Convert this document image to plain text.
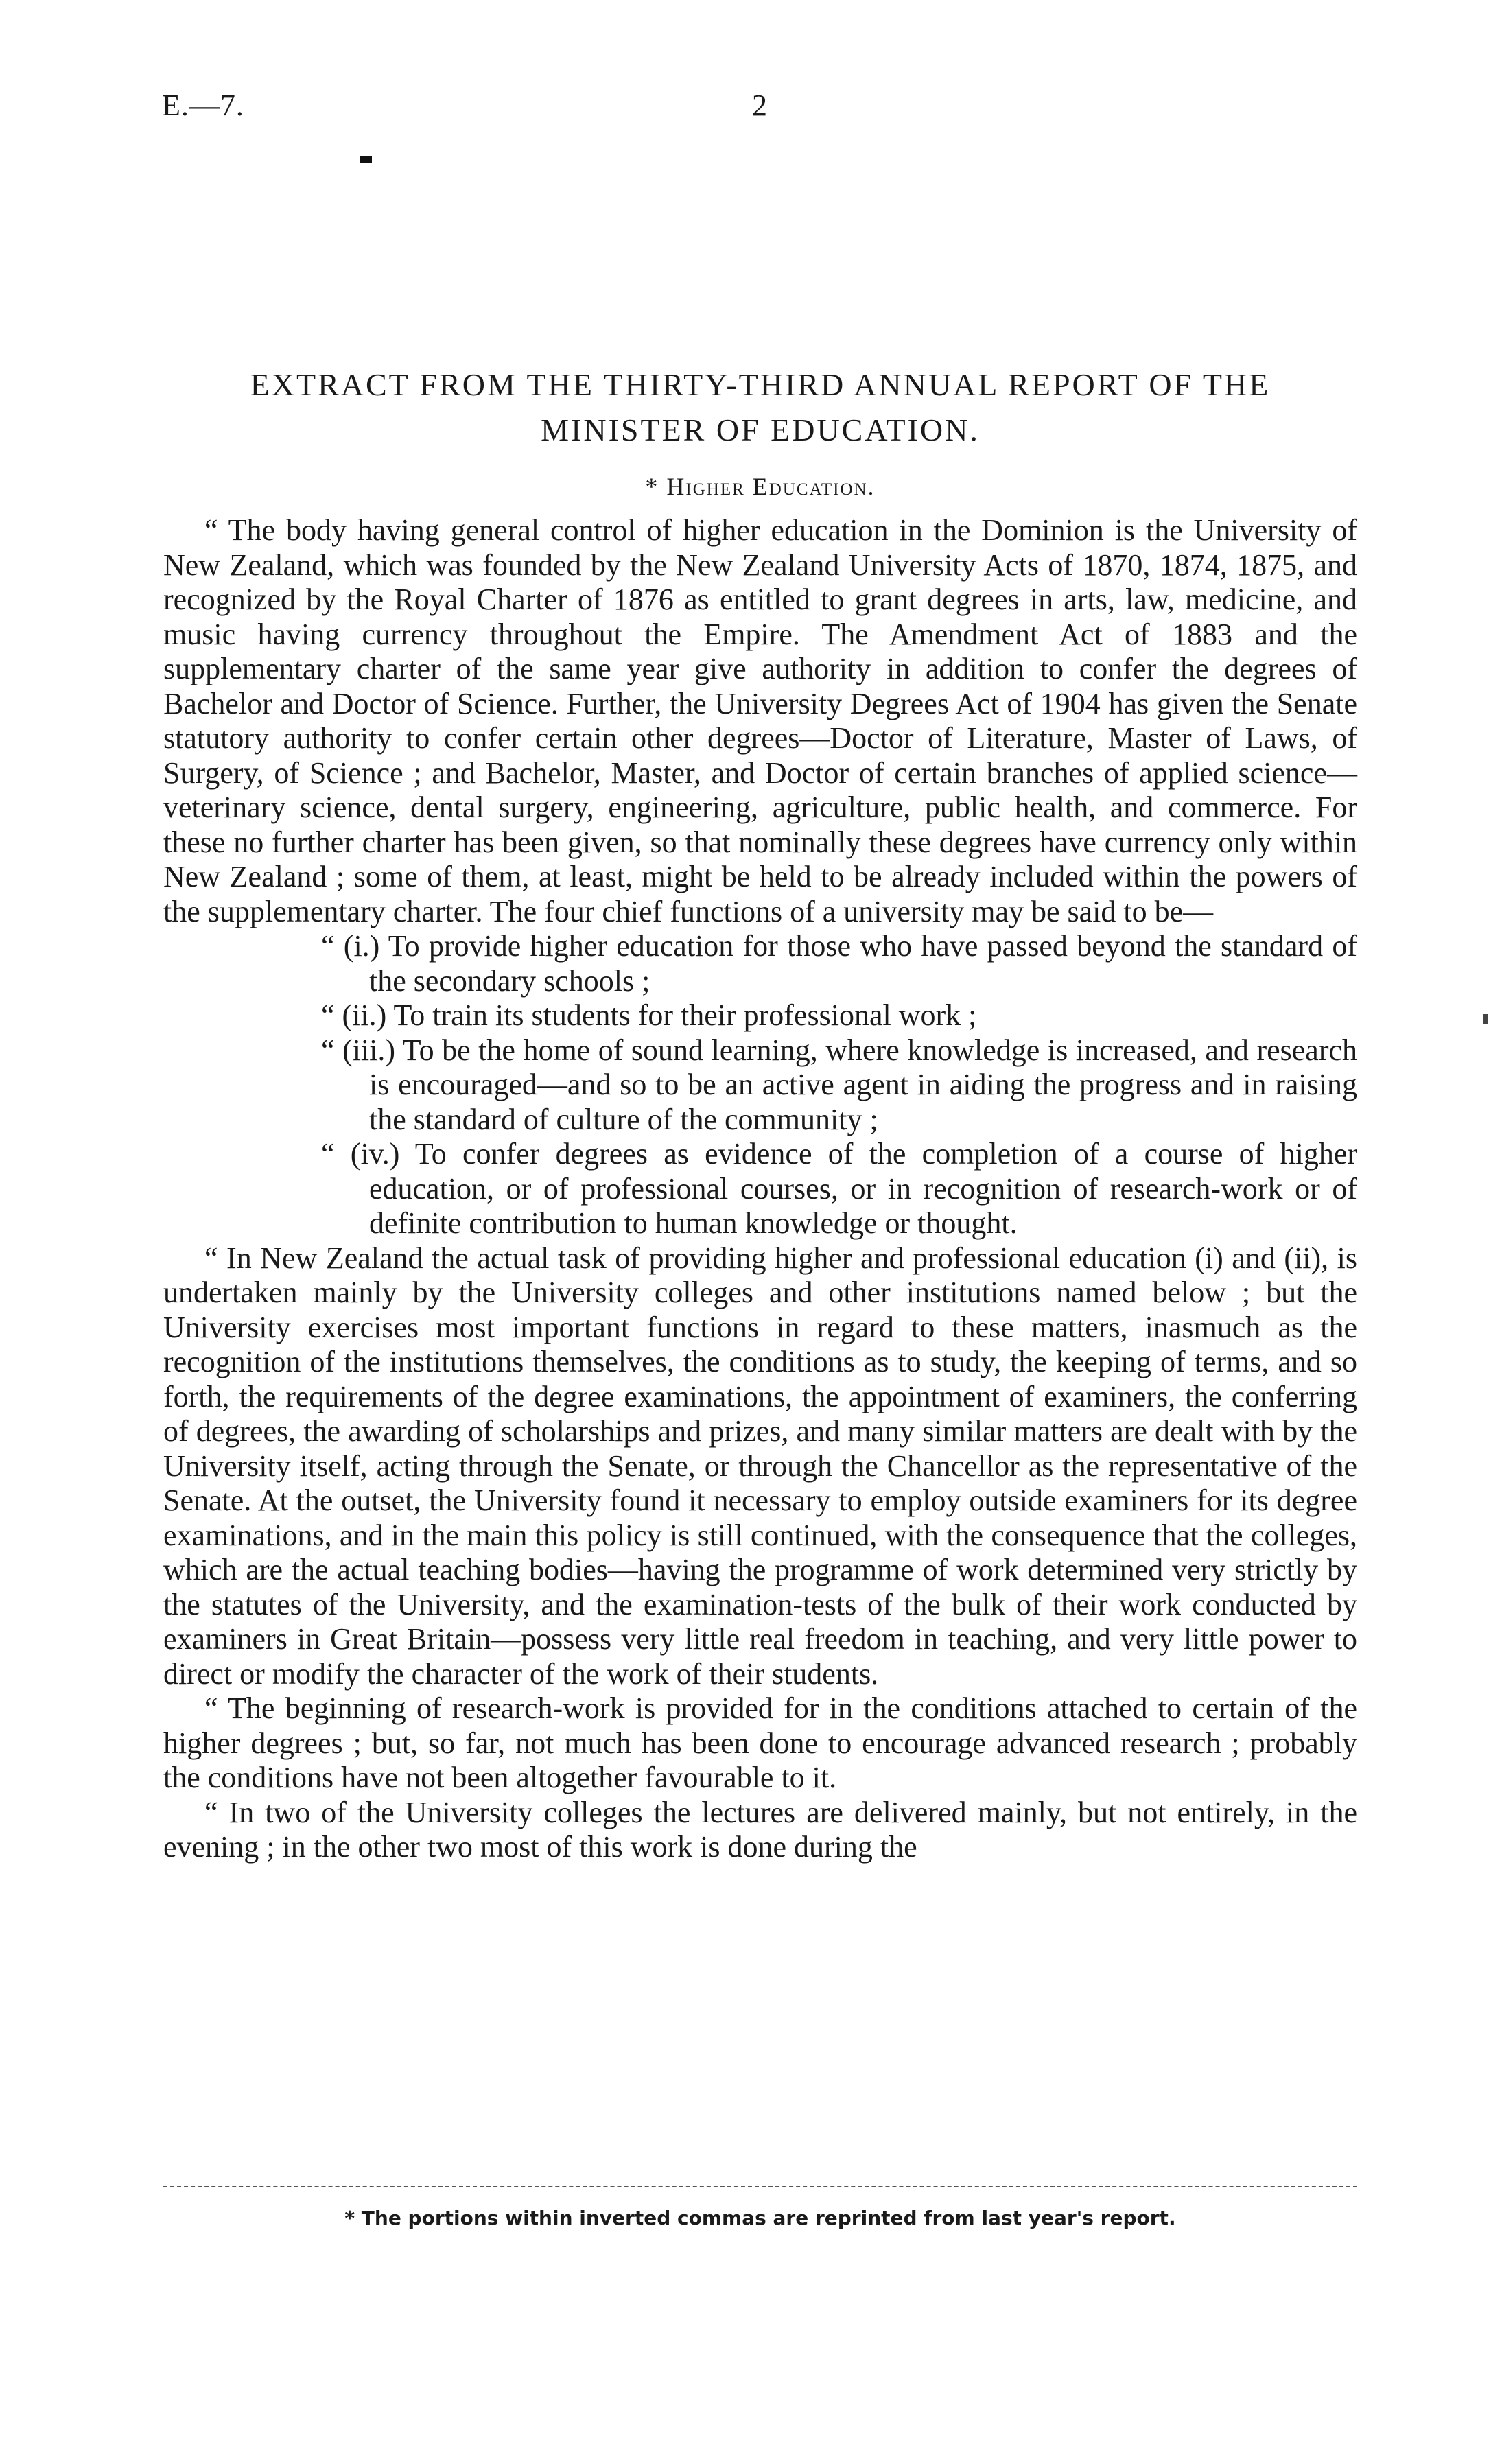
E.—7.	2
EXTRACT FROM THE THIRTY-THIRD ANNUAL REPORT OF THE MINISTER OF EDUCATION.
* Higher Education.

“ The body having general control of higher education in the Dominion is the University of New Zealand, which was founded by the New Zealand University Acts of 1870, 1874, 1875, and recognized by the Royal Charter of 1876 as entitled to grant degrees in arts, law, medicine, and music having currency throughout the Empire. The Amendment Act of 1883 and the supplementary charter of the same year give authority in addition to confer the degrees of Bachelor and Doctor of Science. Further, the University Degrees Act of 1904 has given the Senate statutory authority to confer certain other degrees—Doctor of Literature, Master of Laws, of Surgery, of Science ; and Bachelor, Master, and Doctor of certain branches of applied science—veterinary science, dental surgery, engineering, agriculture, public health, and commerce. For these no further charter has been given, so that nominally these degrees have currency only within New Zealand ; some of them, at least, might be held to be already included within the powers of the supplementary charter. The four chief functions of a university may be said to be—

“ (i.) To provide higher education for those who have passed beyond the standard of the secondary schools ;
“ (ii.) To train its students for their professional work ;
“ (iii.) To be the home of sound learning, where knowledge is increased, and research is encouraged—and so to be an active agent in aiding the progress and in raising the standard of culture of the community ;
“ (iv.) To confer degrees as evidence of the completion of a course of higher education, or of professional courses, or in recognition of research-work or of definite contribution to human knowledge or thought.

“ In New Zealand the actual task of providing higher and professional education (i) and (ii), is undertaken mainly by the University colleges and other institutions named below ; but the University exercises most important functions in regard to these matters, inasmuch as the recognition of the institutions themselves, the conditions as to study, the keeping of terms, and so forth, the requirements of the degree examinations, the appointment of examiners, the conferring of degrees, the awarding of scholarships and prizes, and many similar matters are dealt with by the University itself, acting through the Senate, or through the Chancellor as the representative of the Senate. At the outset, the University found it necessary to employ outside examiners for its degree examinations, and in the main this policy is still continued, with the consequence that the colleges, which are the actual teaching bodies—having the programme of work determined very strictly by the statutes of the University, and the examination-tests of the bulk of their work conducted by examiners in Great Britain—possess very little real freedom in teaching, and very little power to direct or modify the character of the work of their students.

“ The beginning of research-work is provided for in the conditions attached to certain of the higher degrees ; but, so far, not much has been done to encourage advanced research ; probably the conditions have not been altogether favourable to it.

“ In two of the University colleges the lectures are delivered mainly, but not entirely, in the evening ; in the other two most of this work is done during the

* The portions within inverted commas are reprinted from last year's report.
